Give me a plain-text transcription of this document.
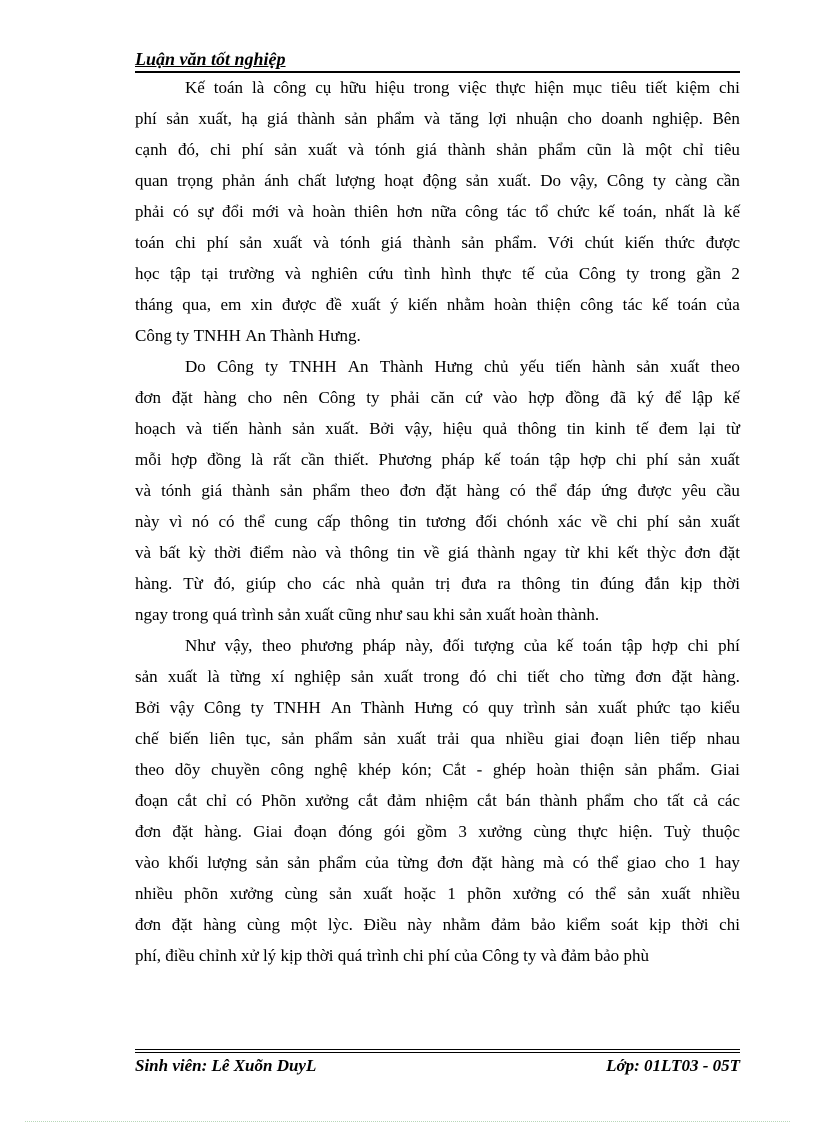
Luận văn tốt nghiệp
Kế toán là công cụ hữu hiệu trong việc thực hiện mục tiêu tiết kiệm chi
phí sản xuất, hạ giá thành sản phẩm và tăng lợi nhuận cho doanh nghiệp. Bên
cạnh đó, chi phí sản xuất và tónh giá thành shản phẩm cũn là một chỉ tiêu
quan trọng phản ánh chất lượng hoạt động sản xuất. Do vậy, Công ty càng cần
phải có sự đổi mới và hoàn thiên hơn nữa công tác tổ chức kế toán, nhất là kế
toán chi phí sản xuất và tónh giá thành sản phẩm. Với chút kiến thức được
học tập tại trường và nghiên cứu tình hình thực tế của Công ty trong gần 2
tháng qua, em xin được đề xuất ý kiến nhằm hoàn thiện công tác kế toán của
Công ty TNHH An Thành Hưng.
Do Công ty TNHH An Thành Hưng chủ yếu tiến hành sản xuất theo
đơn đặt hàng cho nên Công ty phải căn cứ vào hợp đồng đã ký để lập kế
hoạch và tiến hành sản xuất. Bởi vậy, hiệu quả thông tin kinh tế đem lại từ
mỗi hợp đồng là rất cần thiết. Phương pháp kế toán tập hợp chi phí sản xuất
và tónh giá thành sản phẩm theo đơn đặt hàng có thể đáp ứng được yêu cầu
này vì nó có thể cung cấp thông tin tương đối chónh xác về chi phí sản xuất
và bất kỳ thời điểm nào và thông tin về giá thành ngay từ khi kết thỳc đơn đặt
hàng. Từ đó, giúp cho các nhà quản trị đưa ra thông tin đúng đắn kịp thời
ngay trong quá trình sản xuất cũng như sau khi sản xuất hoàn thành.
Như vậy, theo phương pháp này, đối tượng của kế toán tập hợp chi phí
sản xuất là từng xí nghiệp sản xuất trong đó chi tiết cho từng đơn đặt hàng.
Bởi vậy Công ty TNHH An Thành Hưng có quy trình sản xuất phức tạo kiểu
chế biến liên tục, sản phẩm sản xuất trải qua nhiều giai đoạn liên tiếp nhau
theo dõy chuyền công nghệ khép kón; Cắt - ghép hoàn thiện sản phẩm. Giai
đoạn cắt chỉ có Phõn xưởng cắt đảm nhiệm cắt bán thành phẩm cho tất cả các
đơn đặt hàng. Giai đoạn đóng gói gồm 3 xưởng cùng thực hiện. Tuỳ thuộc
vào khối lượng sản sản phẩm của từng đơn đặt hàng mà có thể giao cho 1 hay
nhiều phõn xưởng cùng sản xuất hoặc 1 phõn xưởng có thể sản xuất nhiều
đơn đặt hàng cùng một lỳc. Điều này nhằm đảm bảo kiểm soát kịp thời chi
phí, điều chỉnh xử lý kịp thời quá trình chi phí của Công ty và đảm bảo phù
Sinh viên: Lê Xuõn DuyL	Lớp: 01LT03 - 05T
